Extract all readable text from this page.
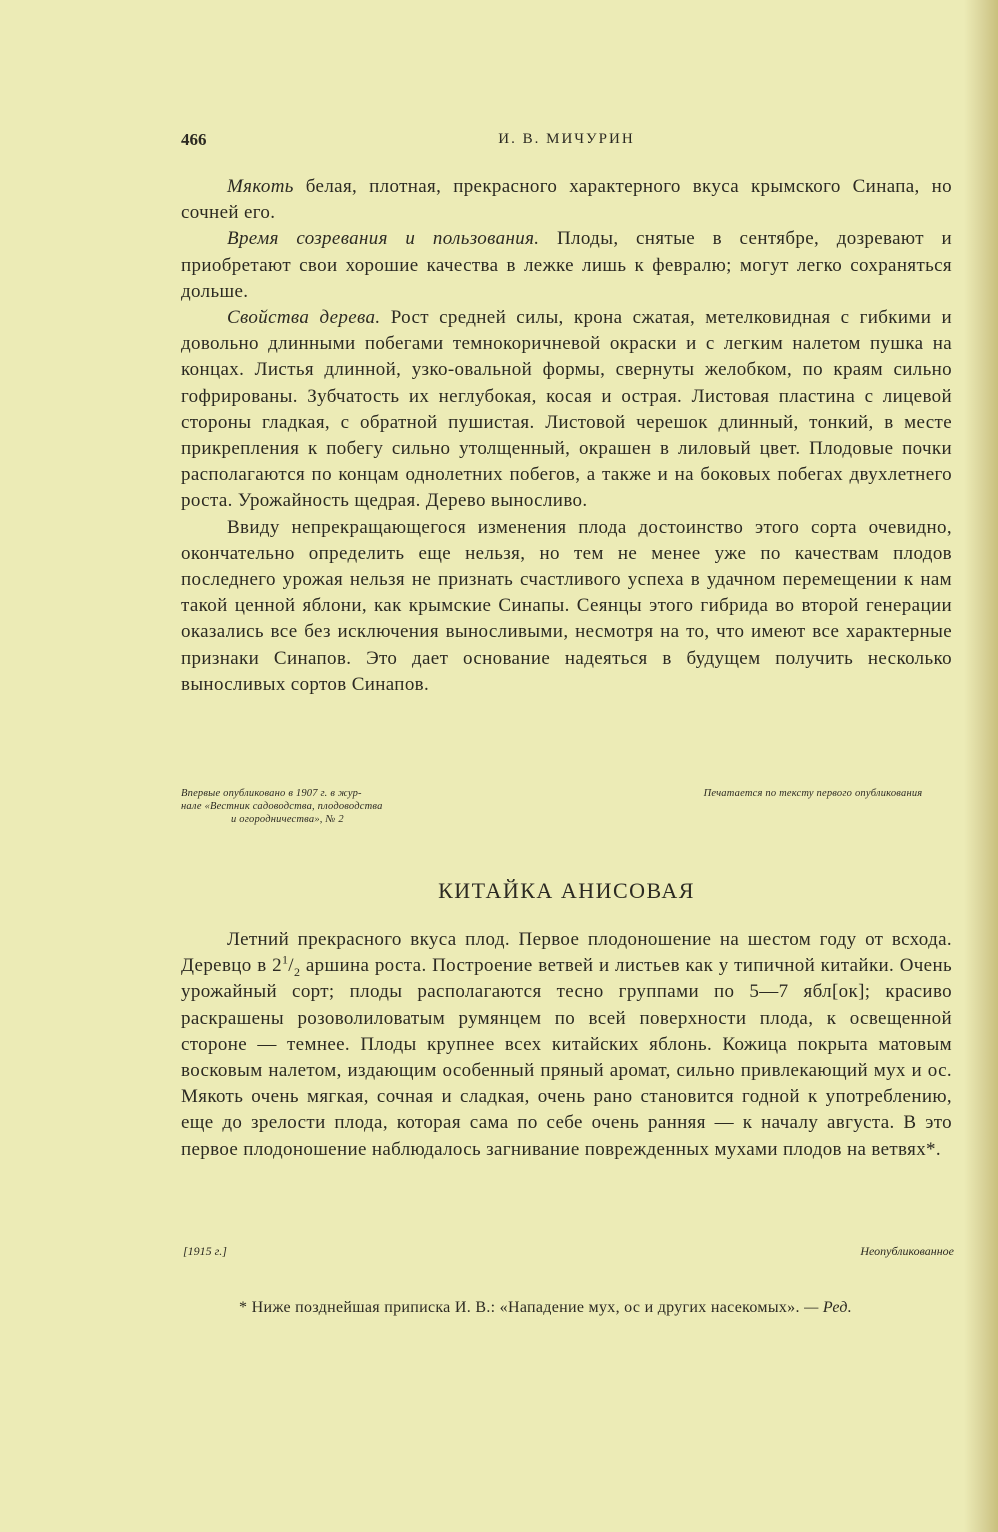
466	И. В. МИЧУРИН

Мякоть белая, плотная, прекрасного характерного вкуса крымского Синапа, но сочней его.

Время созревания и пользования. Плоды, снятые в сентябре, дозревают и приобретают свои хорошие качества в лежке лишь к февралю; могут легко сохраняться дольше.

Свойства дерева. Рост средней силы, крона сжатая, метелковидная с гибкими и довольно длинными побегами темнокоричневой окраски и с легким налетом пушка на концах. Листья длинной, узко-овальной формы, свернуты желобком, по краям сильно гофрированы. Зубчатость их неглубокая, косая и острая. Листовая пластина с лицевой стороны гладкая, с обратной пушистая. Листовой черешок длинный, тонкий, в месте прикрепления к побегу сильно утолщенный, окрашен в лиловый цвет. Плодовые почки располагаются по концам однолетних побегов, а также и на боковых побегах двухлетнего роста. Урожайность щедрая. Дерево выносливо.

Ввиду непрекращающегося изменения плода достоинство этого сорта очевидно, окончательно определить еще нельзя, но тем не менее уже по качествам плодов последнего урожая нельзя не признать счастливого успеха в удачном перемещении к нам такой ценной яблони, как крымские Синапы. Сеянцы этого гибрида во второй генерации оказались все без исключения выносливыми, несмотря на то, что имеют все характерные признаки Синапов. Это дает основание надеяться в будущем получить несколько выносливых сортов Синапов.

Впервые опубликовано в 1907 г. в жур-
нале «Вестник садоводства, плодоводства
и огородничества», № 2
Печатается по тексту первого опубликования
КИТАЙКА АНИСОВАЯ

Летний прекрасного вкуса плод. Первое плодоношение на шестом году от всхода. Деревцо в $2^1/_2$ аршина роста. Построение ветвей и листьев как у типичной китайки. Очень урожайный сорт; плоды располагаются тесно группами по 5—7 ябл[ок]; красиво раскрашены розоволиловатым румянцем по всей поверхности плода, к освещенной стороне — темнее. Плоды крупнее всех китайских яблонь. Кожица покрыта матовым восковым налетом, издающим особенный пряный аромат, сильно привлекающий мух и ос. Мякоть очень мягкая, сочная и сладкая, очень рано становится годной к употреблению, еще до зрелости плода, которая сама по себе очень ранняя — к началу августа. В это первое плодоношение наблюдалось загнивание поврежденных мухами плодов на ветвях*.

[1915 г.]	Неопубликованное

* Ниже позднейшая приписка И. В.: «Нападение мух, ос и других насекомых». — Ред.
